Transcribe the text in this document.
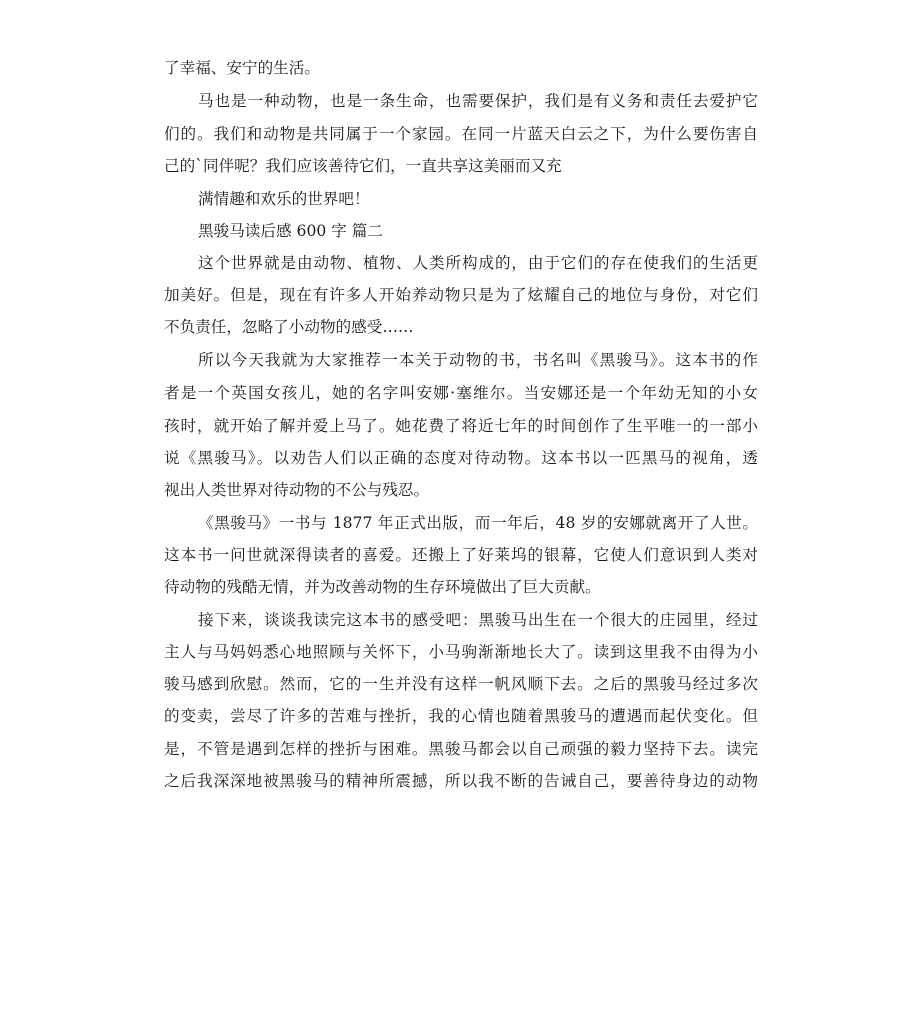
了幸福、安宁的生活。
马也是一种动物，也是一条生命，也需要保护，我们是有义务和责任去爱护它
们的。我们和动物是共同属于一个家园。在同一片蓝天白云之下，为什么要伤害自
己的`同伴呢？我们应该善待它们，一直共享这美丽而又充
满情趣和欢乐的世界吧！
黑骏马读后感 600 字 篇二
这个世界就是由动物、植物、人类所构成的，由于它们的存在使我们的生活更
加美好。但是，现在有许多人开始养动物只是为了炫耀自己的地位与身份，对它们
不负责任，忽略了小动物的感受……
所以今天我就为大家推荐一本关于动物的书，书名叫《黑骏马》。这本书的作
者是一个英国女孩儿，她的名字叫安娜·塞维尔。当安娜还是一个年幼无知的小女
孩时，就开始了解并爱上马了。她花费了将近七年的时间创作了生平唯一的一部小
说《黑骏马》。以劝告人们以正确的态度对待动物。这本书以一匹黑马的视角，透
视出人类世界对待动物的不公与残忍。
《黑骏马》一书与 1877 年正式出版，而一年后，48 岁的安娜就离开了人世。
这本书一问世就深得读者的喜爱。还搬上了好莱坞的银幕，它使人们意识到人类对
待动物的残酷无情，并为改善动物的生存环境做出了巨大贡献。
接下来，谈谈我读完这本书的感受吧：黑骏马出生在一个很大的庄园里，经过
主人与马妈妈悉心地照顾与关怀下，小马驹渐渐地长大了。读到这里我不由得为小
骏马感到欣慰。然而，它的一生并没有这样一帆风顺下去。之后的黑骏马经过多次
的变卖，尝尽了许多的苦难与挫折，我的心情也随着黑骏马的遭遇而起伏变化。但
是，不管是遇到怎样的挫折与困难。黑骏马都会以自己顽强的毅力坚持下去。读完
之后我深深地被黑骏马的精神所震撼，所以我不断的告诫自己，要善待身边的动物
